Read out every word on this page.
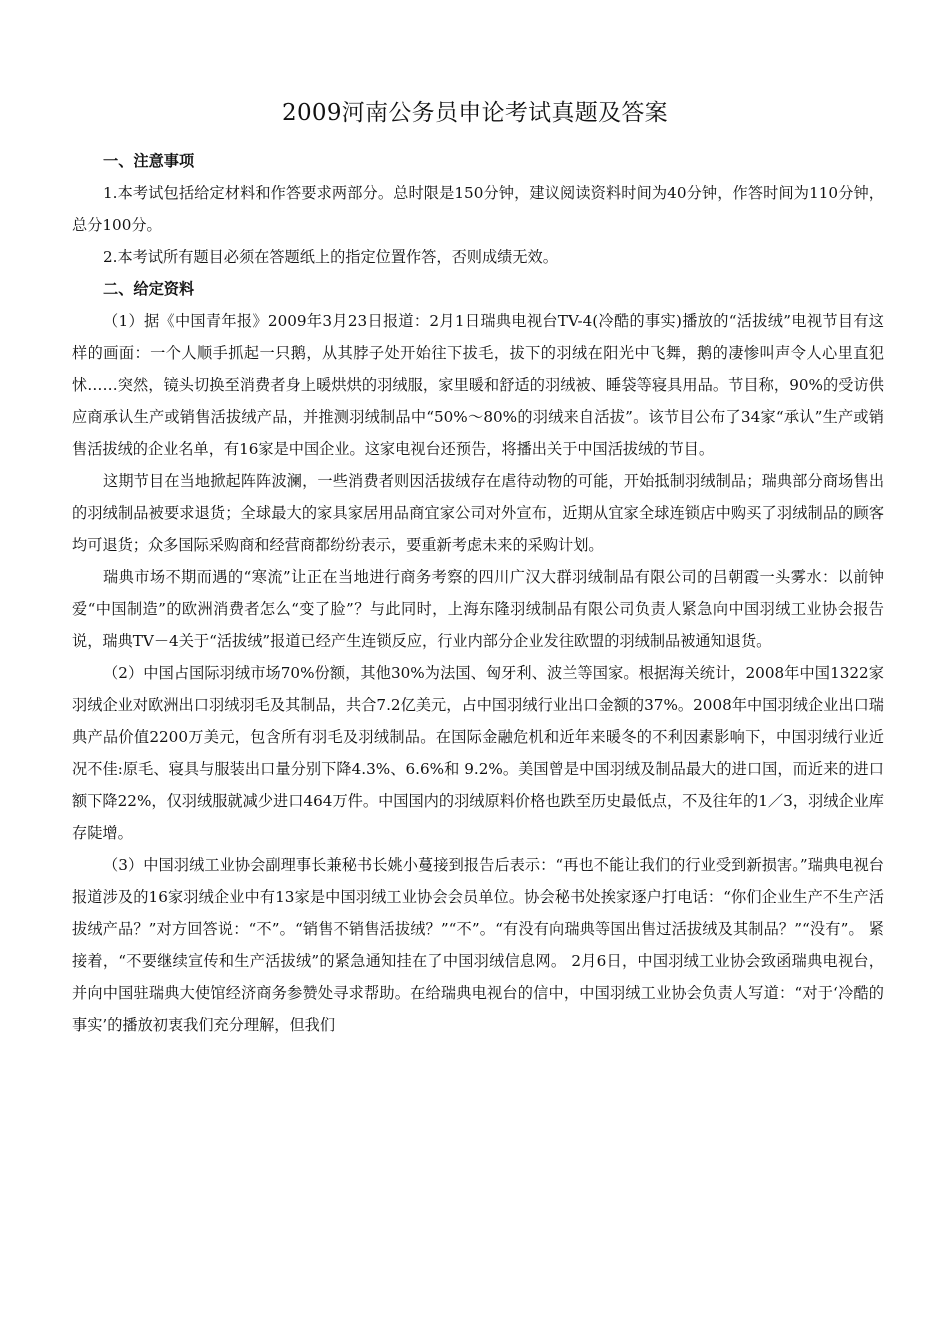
2009河南公务员申论考试真题及答案

一、注意事项

1.本考试包括给定材料和作答要求两部分。总时限是150分钟，建议阅读资料时间为40分钟，作答时间为110分钟，总分100分。

2.本考试所有题目必须在答题纸上的指定位置作答，否则成绩无效。

二、给定资料

（1）据《中国青年报》2009年3月23日报道：2月1日瑞典电视台TV-4(冷酷的事实)播放的“活拔绒”电视节目有这样的画面：一个人顺手抓起一只鹅，从其脖子处开始往下拔毛，拔下的羽绒在阳光中飞舞，鹅的凄惨叫声令人心里直犯怵……突然，镜头切换至消费者身上暖烘烘的羽绒服，家里暖和舒适的羽绒被、睡袋等寝具用品。节目称，90%的受访供应商承认生产或销售活拔绒产品，并推测羽绒制品中“50%～80%的羽绒来自活拔”。该节目公布了34家“承认”生产或销售活拔绒的企业名单，有16家是中国企业。这家电视台还预告，将播出关于中国活拔绒的节目。

这期节目在当地掀起阵阵波澜，一些消费者则因活拔绒存在虐待动物的可能，开始抵制羽绒制品；瑞典部分商场售出的羽绒制品被要求退货；全球最大的家具家居用品商宜家公司对外宣布，近期从宜家全球连锁店中购买了羽绒制品的顾客均可退货；众多国际采购商和经营商都纷纷表示，要重新考虑未来的采购计划。

瑞典市场不期而遇的“寒流”让正在当地进行商务考察的四川广汉大群羽绒制品有限公司的吕朝霞一头雾水：以前钟爱“中国制造”的欧洲消费者怎么“变了脸”？与此同时，上海东隆羽绒制品有限公司负责人紧急向中国羽绒工业协会报告说，瑞典TV－4关于“活拔绒”报道已经产生连锁反应，行业内部分企业发往欧盟的羽绒制品被通知退货。

（2）中国占国际羽绒市场70%份额，其他30%为法国、匈牙利、波兰等国家。根据海关统计，2008年中国1322家羽绒企业对欧洲出口羽绒羽毛及其制品，共合7.2亿美元，占中国羽绒行业出口金额的37%。2008年中国羽绒企业出口瑞典产品价值2200万美元，包含所有羽毛及羽绒制品。在国际金融危机和近年来暖冬的不利因素影响下，中国羽绒行业近况不佳:原毛、寝具与服装出口量分别下降4.3%、6.6%和 9.2%。美国曾是中国羽绒及制品最大的进口国，而近来的进口额下降22%，仅羽绒服就减少进口464万件。中国国内的羽绒原料价格也跌至历史最低点，不及往年的1／3，羽绒企业库存陡增。

（3）中国羽绒工业协会副理事长兼秘书长姚小蔓接到报告后表示：“再也不能让我们的行业受到新损害。”瑞典电视台报道涉及的16家羽绒企业中有13家是中国羽绒工业协会会员单位。协会秘书处挨家逐户打电话：“你们企业生产不生产活拔绒产品？”对方回答说：“不”。“销售不销售活拔绒？”“不”。“有没有向瑞典等国出售过活拔绒及其制品？”“没有”。 紧接着，“不要继续宣传和生产活拔绒”的紧急通知挂在了中国羽绒信息网。 2月6日，中国羽绒工业协会致函瑞典电视台，并向中国驻瑞典大使馆经济商务参赞处寻求帮助。在给瑞典电视台的信中，中国羽绒工业协会负责人写道：“对于‘冷酷的事实’的播放初衷我们充分理解，但我们
